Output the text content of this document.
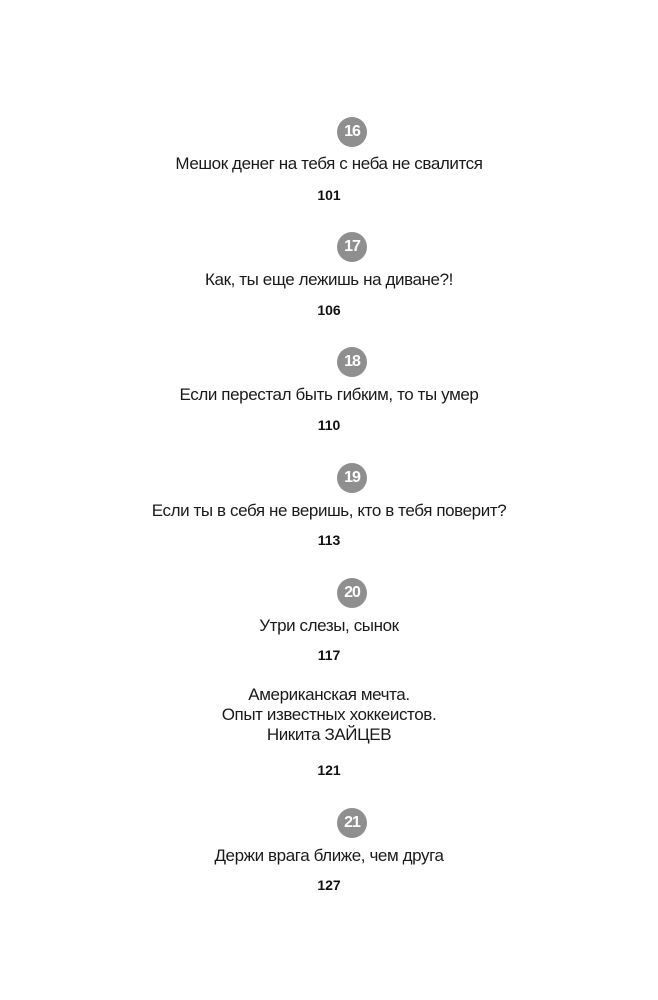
16
Мешок денег на тебя с неба не свалится
101
17
Как, ты еще лежишь на диване?!
106
18
Если перестал быть гибким, то ты умер
110
19
Если ты в себя не веришь, кто в тебя поверит?
113
20
Утри слезы, сынок
117
Американская мечта.
Опыт известных хоккеистов.
Никита ЗАЙЦЕВ
121
21
Держи врага ближе, чем друга
127
